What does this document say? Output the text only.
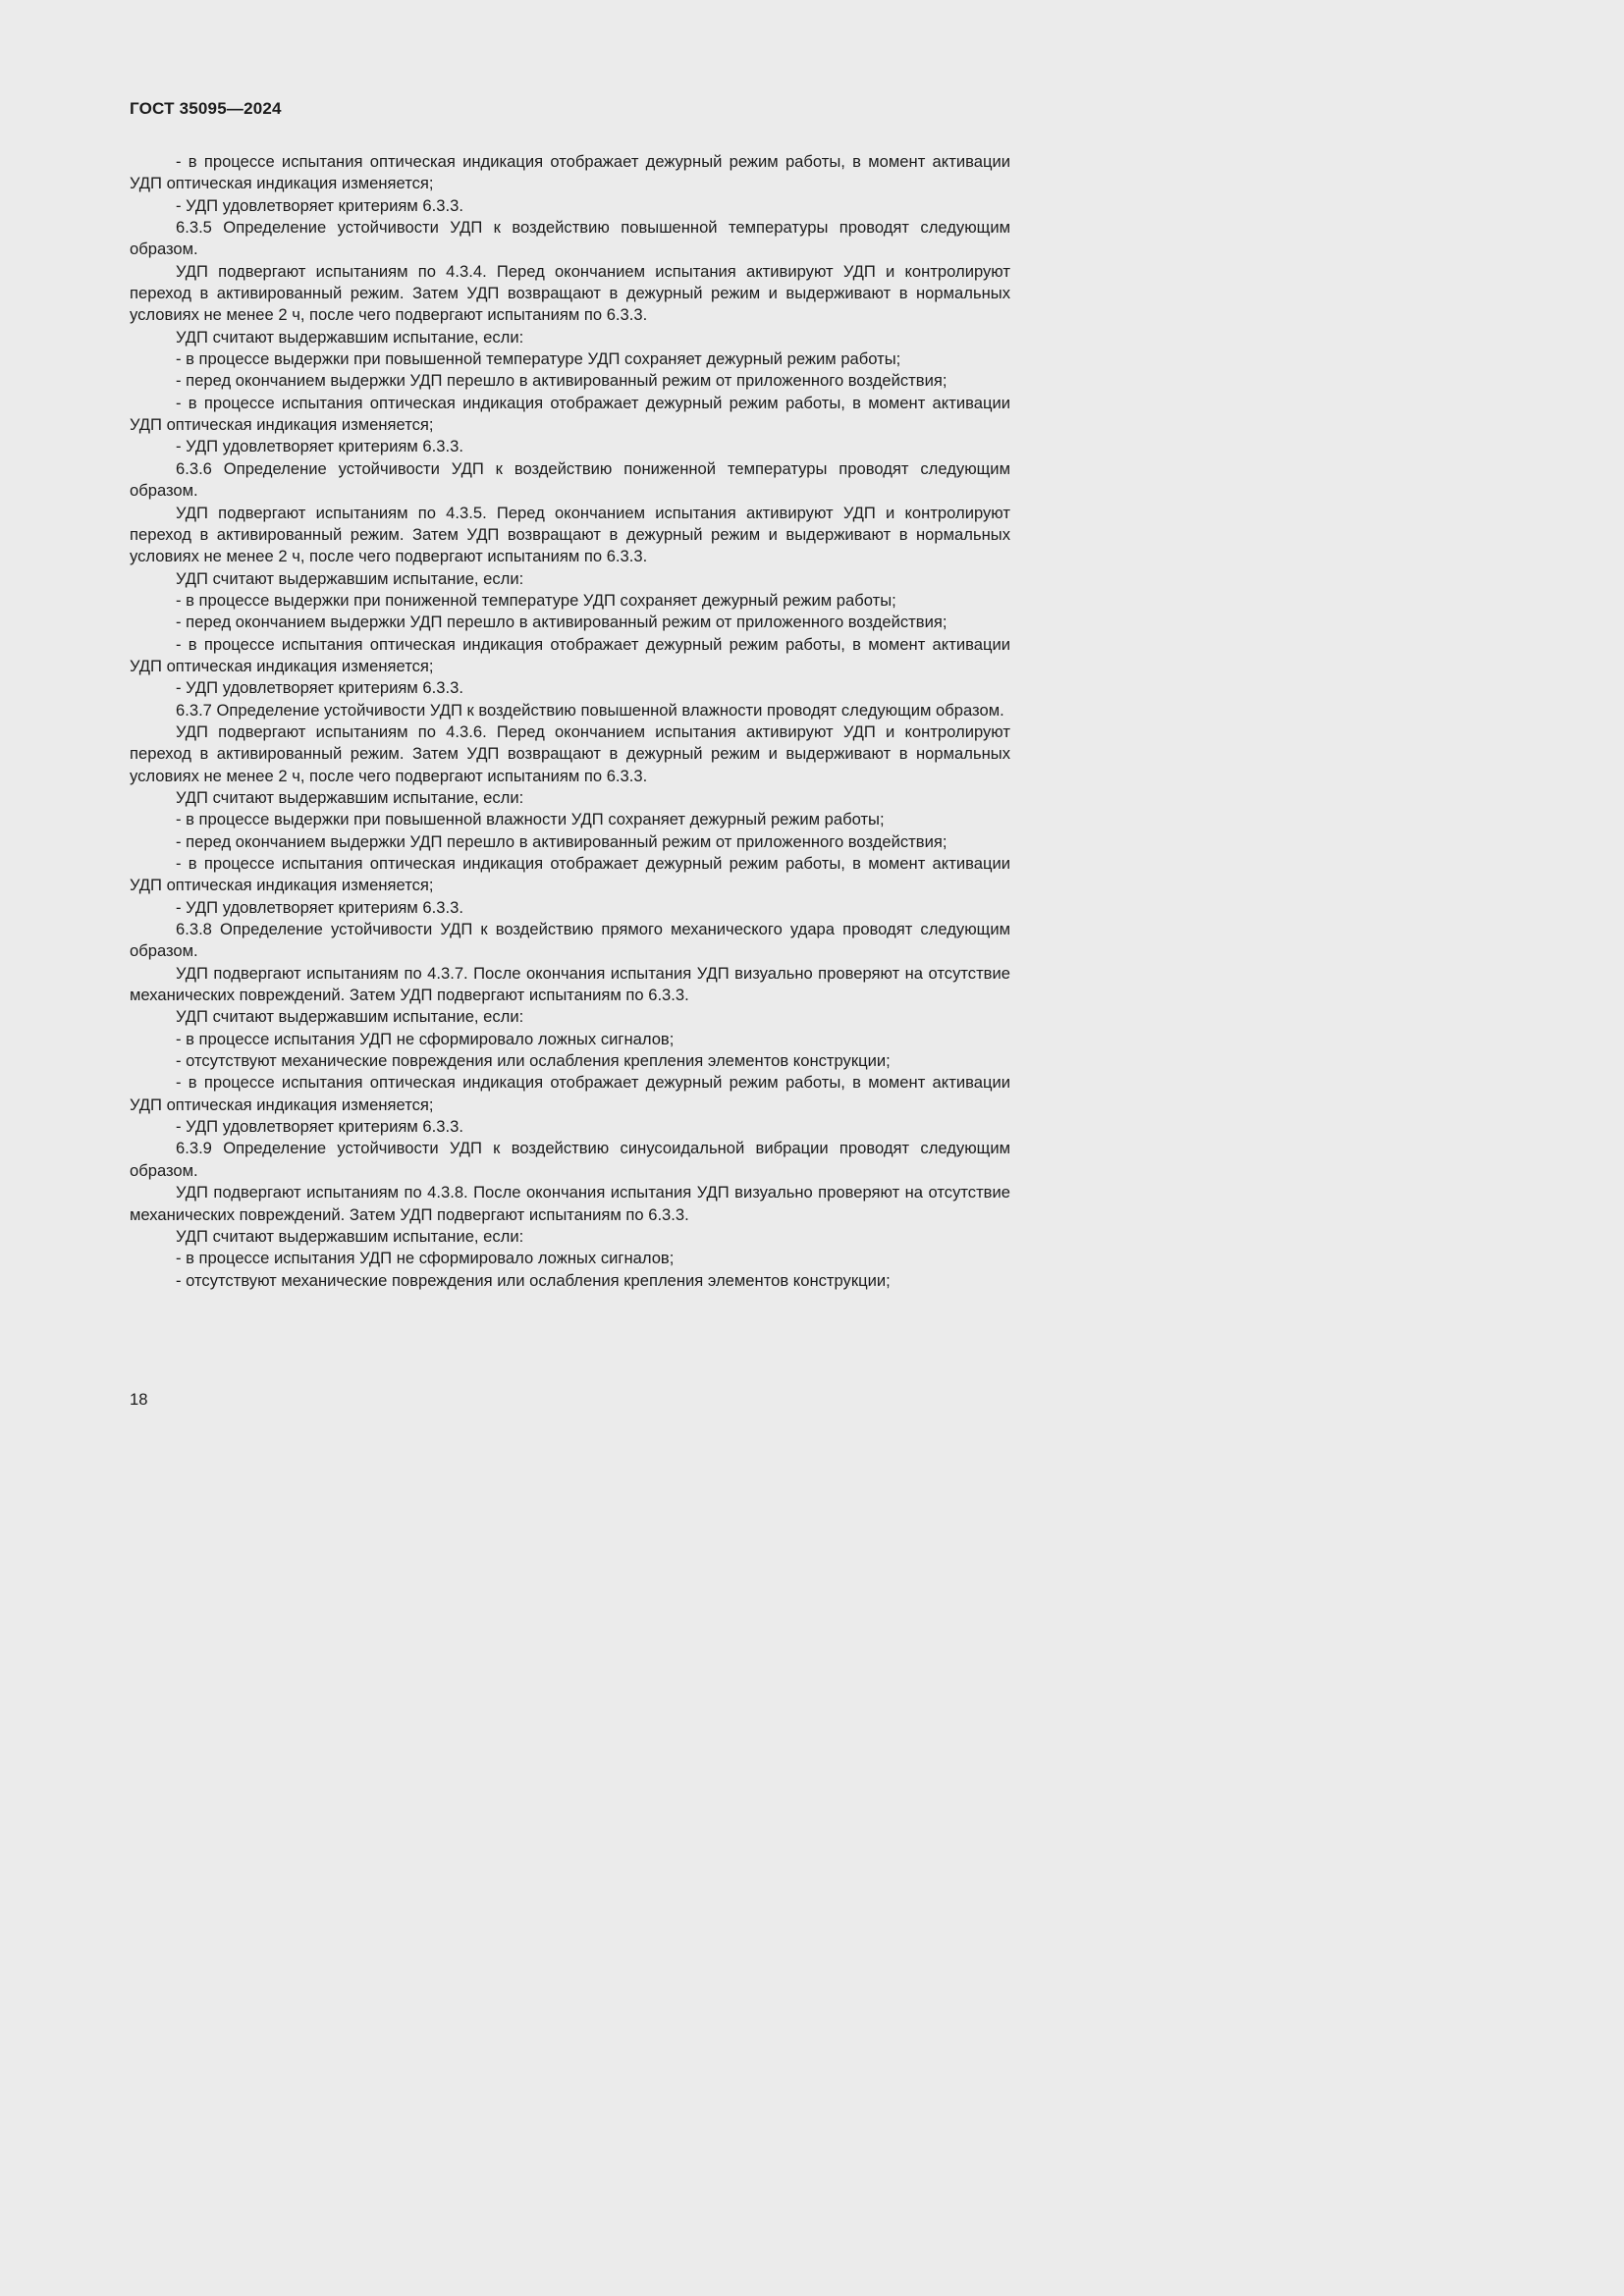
ГОСТ 35095—2024

- в процессе испытания оптическая индикация отображает дежурный режим работы, в момент активации УДП оптическая индикация изменяется;

- УДП удовлетворяет критериям 6.3.3.

6.3.5 Определение устойчивости УДП к воздействию повышенной температуры проводят следующим образом.

УДП подвергают испытаниям по 4.3.4. Перед окончанием испытания активируют УДП и контролируют переход в активированный режим. Затем УДП возвращают в дежурный режим и выдерживают в нормальных условиях не менее 2 ч, после чего подвергают испытаниям по 6.3.3.

УДП считают выдержавшим испытание, если:

- в процессе выдержки при повышенной температуре УДП сохраняет дежурный режим работы;

- перед окончанием выдержки УДП перешло в активированный режим от приложенного воздействия;

- в процессе испытания оптическая индикация отображает дежурный режим работы, в момент активации УДП оптическая индикация изменяется;

- УДП удовлетворяет критериям 6.3.3.

6.3.6 Определение устойчивости УДП к воздействию пониженной температуры проводят следующим образом.

УДП подвергают испытаниям по 4.3.5. Перед окончанием испытания активируют УДП и контролируют переход в активированный режим. Затем УДП возвращают в дежурный режим и выдерживают в нормальных условиях не менее 2 ч, после чего подвергают испытаниям по 6.3.3.

УДП считают выдержавшим испытание, если:

- в процессе выдержки при пониженной температуре УДП сохраняет дежурный режим работы;

- перед окончанием выдержки УДП перешло в активированный режим от приложенного воздействия;

- в процессе испытания оптическая индикация отображает дежурный режим работы, в момент активации УДП оптическая индикация изменяется;

- УДП удовлетворяет критериям 6.3.3.

6.3.7 Определение устойчивости УДП к воздействию повышенной влажности проводят следующим образом.

УДП подвергают испытаниям по 4.3.6. Перед окончанием испытания активируют УДП и контролируют переход в активированный режим. Затем УДП возвращают в дежурный режим и выдерживают в нормальных условиях не менее 2 ч, после чего подвергают испытаниям по 6.3.3.

УДП считают выдержавшим испытание, если:

- в процессе выдержки при повышенной влажности УДП сохраняет дежурный режим работы;

- перед окончанием выдержки УДП перешло в активированный режим от приложенного воздействия;

- в процессе испытания оптическая индикация отображает дежурный режим работы, в момент активации УДП оптическая индикация изменяется;

- УДП удовлетворяет критериям 6.3.3.

6.3.8 Определение устойчивости УДП к воздействию прямого механического удара проводят следующим образом.

УДП подвергают испытаниям по 4.3.7. После окончания испытания УДП визуально проверяют на отсутствие механических повреждений. Затем УДП подвергают испытаниям по 6.3.3.

УДП считают выдержавшим испытание, если:

- в процессе испытания УДП не сформировало ложных сигналов;

- отсутствуют механические повреждения или ослабления крепления элементов конструкции;

- в процессе испытания оптическая индикация отображает дежурный режим работы, в момент активации УДП оптическая индикация изменяется;

- УДП удовлетворяет критериям 6.3.3.

6.3.9 Определение устойчивости УДП к воздействию синусоидальной вибрации проводят следующим образом.

УДП подвергают испытаниям по 4.3.8. После окончания испытания УДП визуально проверяют на отсутствие механических повреждений. Затем УДП подвергают испытаниям по 6.3.3.

УДП считают выдержавшим испытание, если:

- в процессе испытания УДП не сформировало ложных сигналов;

- отсутствуют механические повреждения или ослабления крепления элементов конструкции;

18
